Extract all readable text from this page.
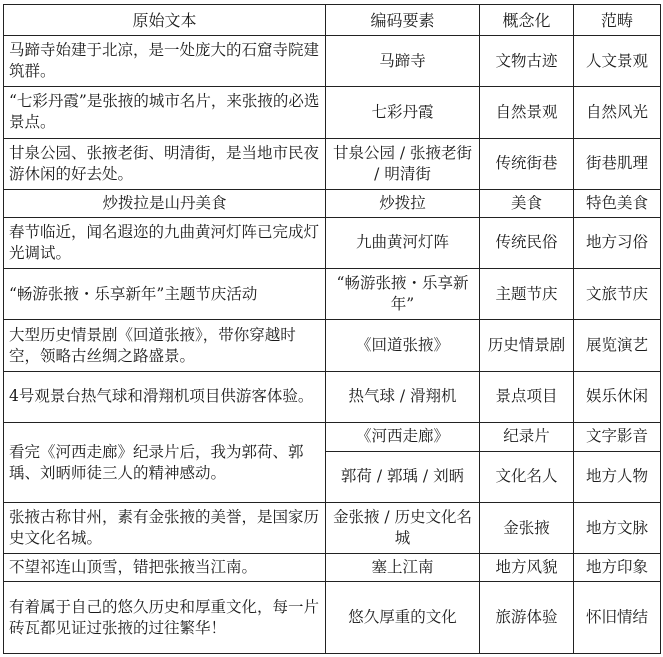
原始文本	编码要素	概念化	范畴
马蹄寺始建于北凉，是一处庞大的石窟寺院建筑群。	马蹄寺	文物古迹	人文景观
“七彩丹霞”是张掖的城市名片，来张掖的必选景点。	七彩丹霞	自然景观	自然风光
甘泉公园、张掖老街、明清街，是当地市民夜游休闲的好去处。	甘泉公园 / 张掖老街 / 明清街	传统街巷	街巷肌理
炒拨拉是山丹美食	炒拨拉	美食	特色美食
春节临近，闻名遐迩的九曲黄河灯阵已完成灯光调试。	九曲黄河灯阵	传统民俗	地方习俗
“畅游张掖・乐享新年”主题节庆活动	“畅游张掖・乐享新年”	主题节庆	文旅节庆
大型历史情景剧《回道张掖》，带你穿越时空，领略古丝绸之路盛景。	《回道张掖》	历史情景剧	展览演艺
4号观景台热气球和滑翔机项目供游客体验。	热气球 / 滑翔机	景点项目	娱乐休闲
看完《河西走廊》纪录片后，我为郭荷、郭瑀、刘昞师徒三人的精神感动。	《河西走廊》	纪录片	文字影音
	郭荷 / 郭瑀 / 刘昞	文化名人	地方人物
张掖古称甘州，素有金张掖的美誉，是国家历史文化名城。	金张掖 / 历史文化名城	金张掖	地方文脉
不望祁连山顶雪，错把张掖当江南。	塞上江南	地方风貌	地方印象
有着属于自己的悠久历史和厚重文化，每一片砖瓦都见证过张掖的过往繁华！	悠久厚重的文化	旅游体验	怀旧情结
